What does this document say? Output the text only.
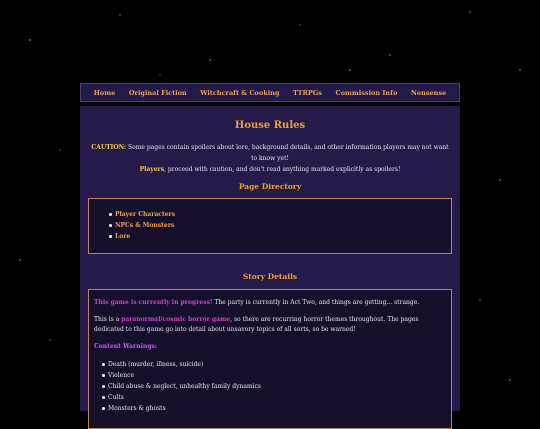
Home Original Fiction Witchcraft & Cooking TTRPGs Commission Info Nonsense
House Rules
CAUTION: Some pages contain spoilers about lore, background details, and other information players may not want to know yet!
Players, proceed with caution, and don't read anything marked explicitly as spoilers!
Page Directory
Player Characters
NPCs & Monsters
Lore
Story Details

This game is currently in progress! The party is currently in Act Two, and things are getting... strange.

This is a paranormal/cosmic horror game, so there are recurring horror themes throughout. The pages dedicated to this game go into detail about unsavory topics of all sorts, so be warned!

Content Warnings:

Death (murder, illness, suicide)
Violence
Child abuse & neglect, unhealthy family dynamics
Cults
Monsters & ghosts
